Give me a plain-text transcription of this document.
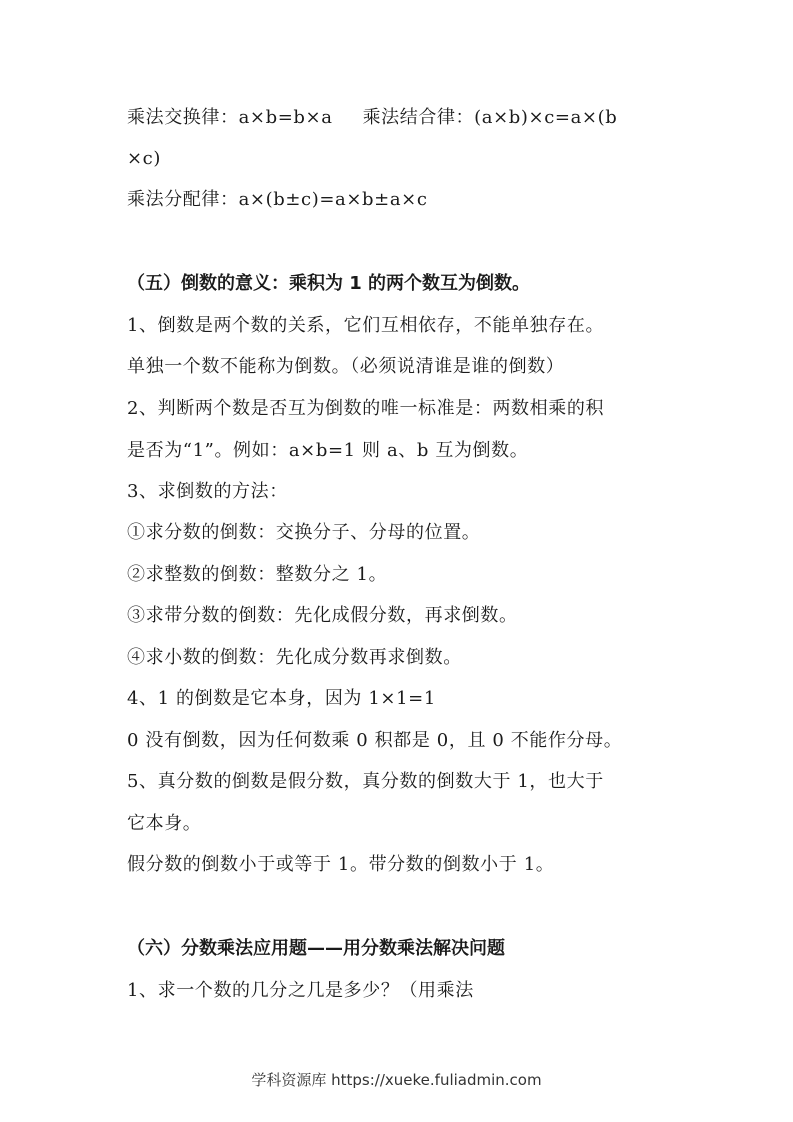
乘法交换律：a×b=b×a 乘法结合律：(a×b)×c=a×(b
×c)
乘法分配律：a×(b±c)=a×b±a×c
（五）倒数的意义：乘积为 1 的两个数互为倒数。
1、倒数是两个数的关系，它们互相依存，不能单独存在。
单独一个数不能称为倒数。（必须说清谁是谁的倒数）
2、判断两个数是否互为倒数的唯一标准是：两数相乘的积
是否为“1”。例如：a×b=1 则 a、b 互为倒数。
3、求倒数的方法：
①求分数的倒数：交换分子、分母的位置。
②求整数的倒数：整数分之 1。
③求带分数的倒数：先化成假分数，再求倒数。
④求小数的倒数：先化成分数再求倒数。
4、1 的倒数是它本身，因为 1×1=1
0 没有倒数，因为任何数乘 0 积都是 0，且 0 不能作分母。
5、真分数的倒数是假分数，真分数的倒数大于 1，也大于
它本身。
假分数的倒数小于或等于 1。带分数的倒数小于 1。
（六）分数乘法应用题——用分数乘法解决问题
1、求一个数的几分之几是多少？（用乘法
学科资源库 https://xueke.fuliadmin.com
